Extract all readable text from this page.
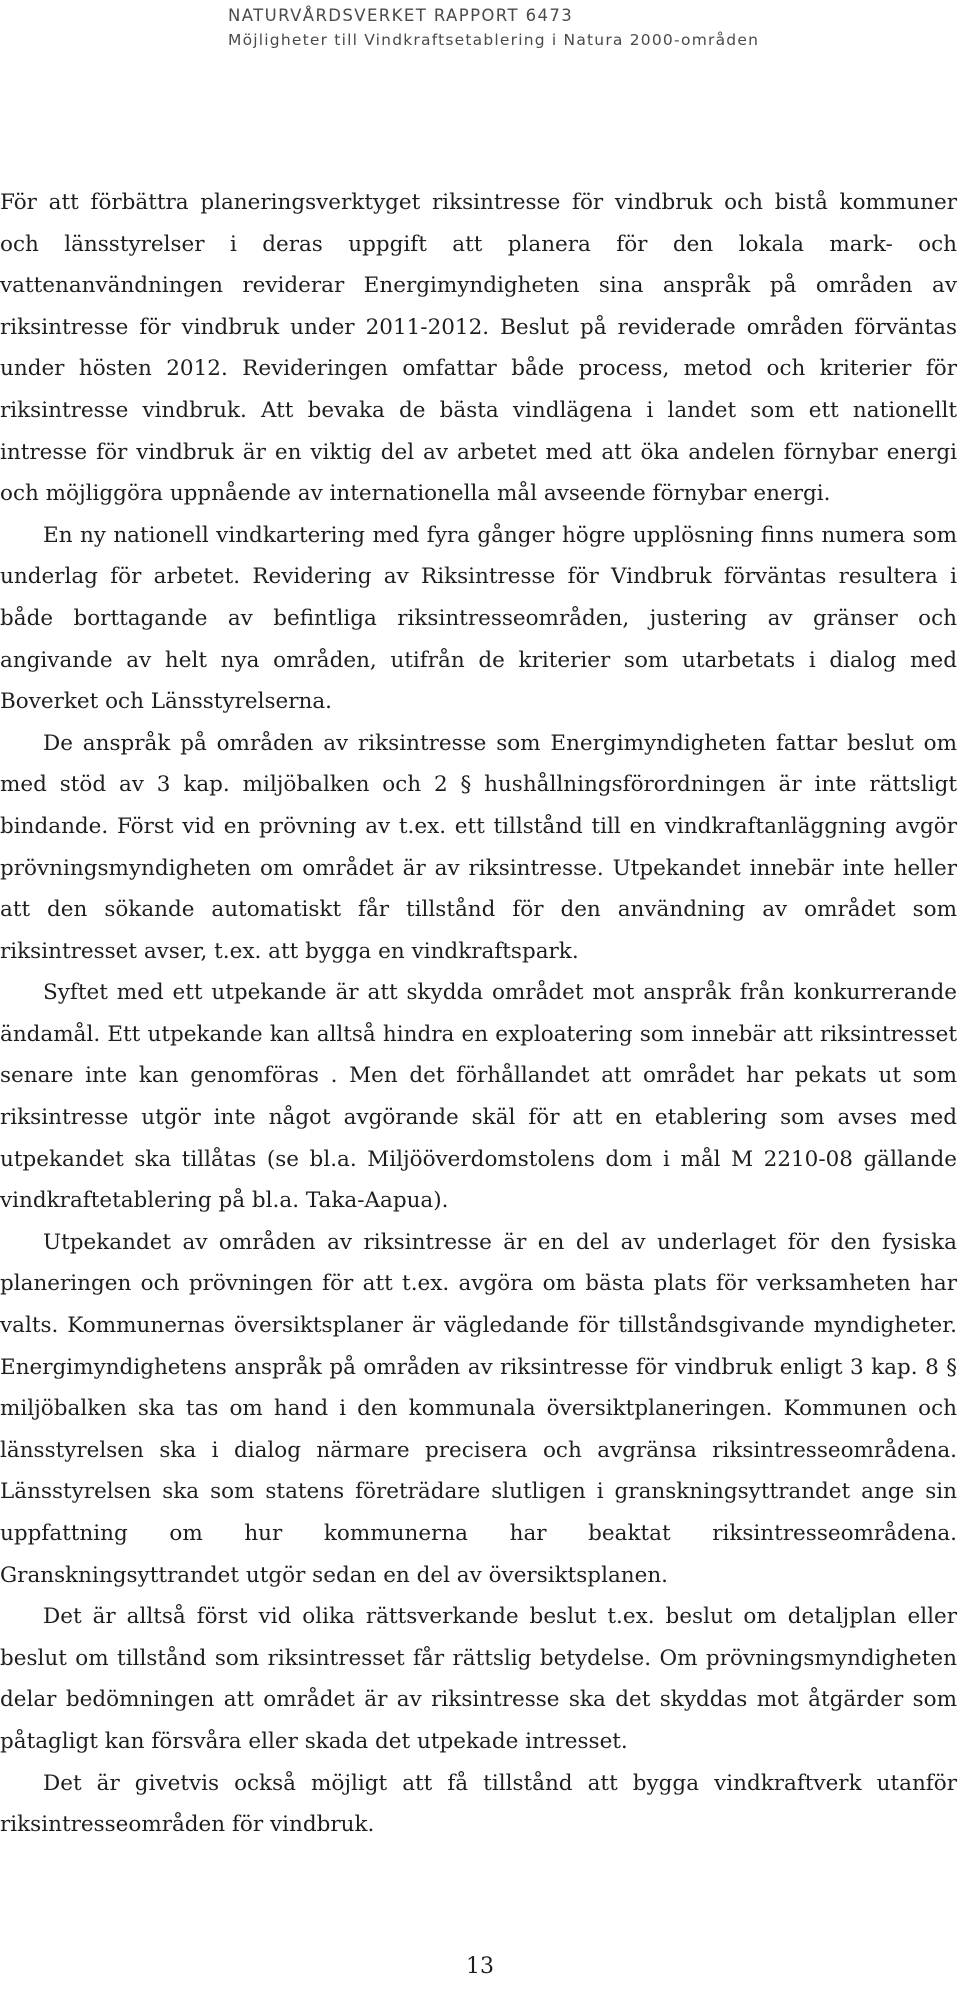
NATURVÅRDSVERKET RAPPORT 6473
Möjligheter till Vindkraftsetablering i Natura 2000-områden

För att förbättra planeringsverktyget riksintresse för vindbruk och bistå kommuner och länsstyrelser i deras uppgift att planera för den lokala mark- och vattenanvändningen reviderar Energimyndigheten sina anspråk på områden av riksintresse för vindbruk under 2011-2012. Beslut på reviderade områden förväntas under hösten 2012. Revideringen omfattar både process, metod och kriterier för riksintresse vindbruk. Att bevaka de bästa vindlägena i landet som ett nationellt intresse för vindbruk är en viktig del av arbetet med att öka andelen förnybar energi och möjliggöra uppnående av internationella mål avseende förnybar energi.

En ny nationell vindkartering med fyra gånger högre upplösning finns numera som underlag för arbetet. Revidering av Riksintresse för Vindbruk förväntas resultera i både borttagande av befintliga riksintresseområden, justering av gränser och angivande av helt nya områden, utifrån de kriterier som utarbetats i dialog med Boverket och Länsstyrelserna.

De anspråk på områden av riksintresse som Energimyndigheten fattar beslut om med stöd av 3 kap. miljöbalken och 2 § hushållningsförordningen är inte rättsligt bindande. Först vid en prövning av t.ex. ett tillstånd till en vindkraftanläggning avgör prövningsmyndigheten om området är av riksintresse. Utpekandet innebär inte heller att den sökande automatiskt får tillstånd för den användning av området som riksintresset avser, t.ex. att bygga en vindkraftspark.

Syftet med ett utpekande är att skydda området mot anspråk från konkurrerande ändamål. Ett utpekande kan alltså hindra en exploatering som innebär att riksintresset senare inte kan genomföras . Men det förhållandet att området har pekats ut som riksintresse utgör inte något avgörande skäl för att en etablering som avses med utpekandet ska tillåtas (se bl.a. Miljööverdomstolens dom i mål M 2210-08 gällande vindkraftetablering på bl.a. Taka-Aapua).

Utpekandet av områden av riksintresse är en del av underlaget för den fysiska planeringen och prövningen för att t.ex. avgöra om bästa plats för verksamheten har valts. Kommunernas översiktsplaner är vägledande för tillståndsgivande myndigheter. Energimyndighetens anspråk på områden av riksintresse för vindbruk enligt 3 kap. 8 § miljöbalken ska tas om hand i den kommunala översiktplaneringen. Kommunen och länsstyrelsen ska i dialog närmare precisera och avgränsa riksintresseområdena. Länsstyrelsen ska som statens företrädare slutligen i granskningsyttrandet ange sin uppfattning om hur kommunerna har beaktat riksintresseområdena. Granskningsyttrandet utgör sedan en del av översiktsplanen.

Det är alltså först vid olika rättsverkande beslut t.ex. beslut om detaljplan eller beslut om tillstånd som riksintresset får rättslig betydelse. Om prövningsmyndigheten delar bedömningen att området är av riksintresse ska det skyddas mot åtgärder som påtagligt kan försvåra eller skada det utpekade intresset.

Det är givetvis också möjligt att få tillstånd att bygga vindkraftverk utanför riksintresseområden för vindbruk.

13
